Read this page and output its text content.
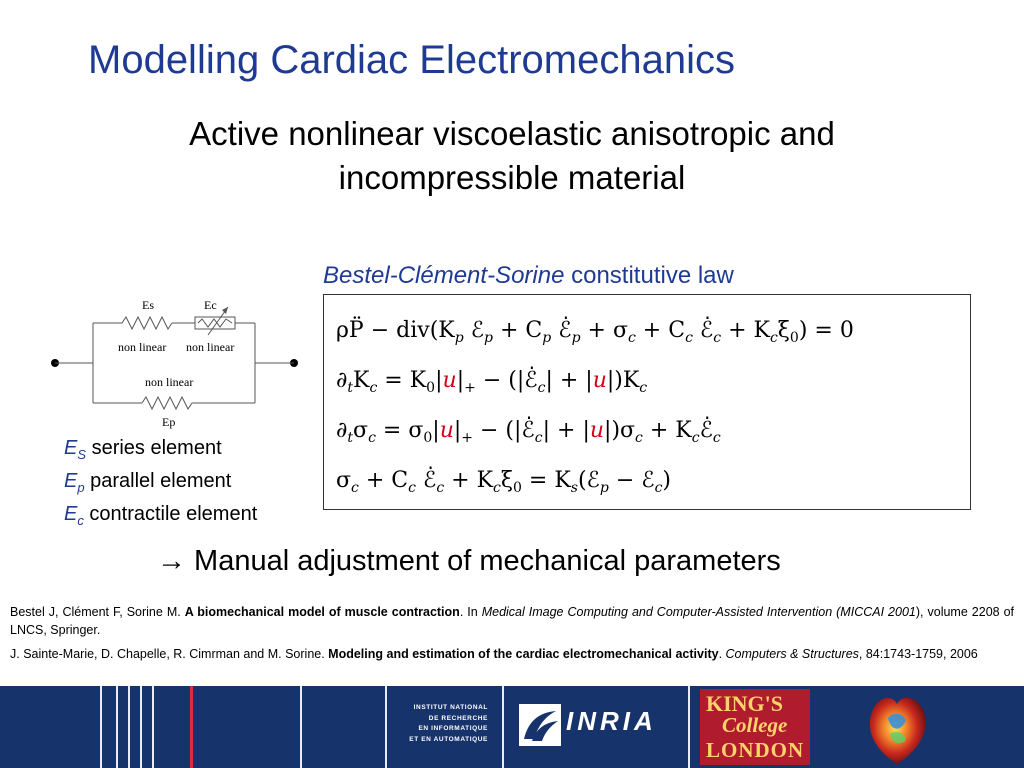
Modelling Cardiac Electromechanics
Active nonlinear viscoelastic anisotropic and
incompressible material
Bestel-Clément-Sorine constitutive law
Es	Ec
non linear non linear
non linear
Ep
$E_S$ series element
$E_p$ parallel element
$E_c$ contractile element
ρP̈ − $div(K_p$ ℰ$_p$ + $C_p$ $ℰ̇_p + \sigma_c + C_c$ $ℰ̇_c + K_c\xi_0) = 0$
$\partial_tK_c = K_0|u|_+$ − $(|ℰ̇_c| + |u|)K_c$
$\partial_t\sigma_c = \sigma_0|u|_+$ − $(|ℰ̇_c| + |u|)\sigma_c$ + $K_cℰ̇_c$
$\sigma_c + C_c$ $ℰ̇_c + K_c\xi_0$ = $K_s(ℰ_p$ − ℰ$_c$)
→ Manual adjustment of mechanical parameters
Bestel J, Clément F, Sorine M. A biomechanical model of muscle contraction. In Medical Image Computing and Computer-Assisted Intervention (MICCAI 2001), volume 2208 of LNCS, Springer.
J. Sainte-Marie, D. Chapelle, R. Cimrman and M. Sorine. Modeling and estimation of the cardiac electromechanical activity. Computers & Structures, 84:1743-1759, 2006
INSTITUT NATIONAL
DE RECHERCHE
EN INFORMATIQUE
ET EN AUTOMATIQUE
INRIA
KING'S
College
LONDON
